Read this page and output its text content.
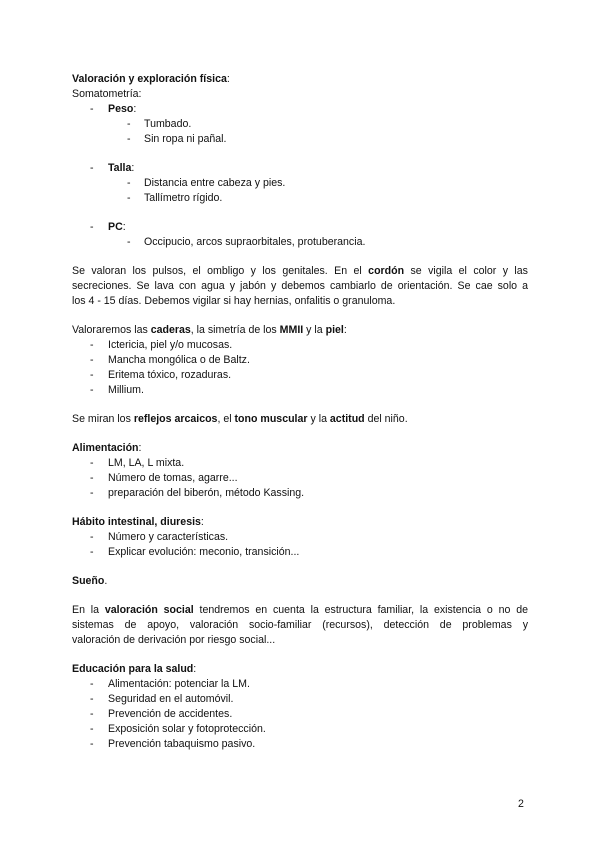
Valoración y exploración física:
Somatometría:
- Peso:
- Tumbado.
- Sin ropa ni pañal.
- Talla:
- Distancia entre cabeza y pies.
- Tallímetro rígido.
- PC:
- Occipucio, arcos supraorbitales, protuberancia.
Se valoran los pulsos, el ombligo y los genitales. En el cordón se vigila el color y las
secreciones. Se lava con agua y jabón y debemos cambiarlo de orientación. Se cae solo a
los 4 - 15 días. Debemos vigilar si hay hernias, onfalitis o granuloma.
Valoraremos las caderas, la simetría de los MMII y la piel:
- Ictericia, piel y/o mucosas.
- Mancha mongólica o de Baltz.
- Eritema tóxico, rozaduras.
- Millium.
Se miran los reflejos arcaicos, el tono muscular y la actitud del niño.
Alimentación:
- LM, LA, L mixta.
- Número de tomas, agarre...
- preparación del biberón, método Kassing.
Hábito intestinal, diuresis:
- Número y características.
- Explicar evolución: meconio, transición...
Sueño.
En la valoración social tendremos en cuenta la estructura familiar, la existencia o no de
sistemas de apoyo, valoración socio-familiar (recursos), detección de problemas y
valoración de derivación por riesgo social...
Educación para la salud:
- Alimentación: potenciar la LM.
- Seguridad en el automóvil.
- Prevención de accidentes.
- Exposición solar y fotoprotección.
- Prevención tabaquismo pasivo.
2
